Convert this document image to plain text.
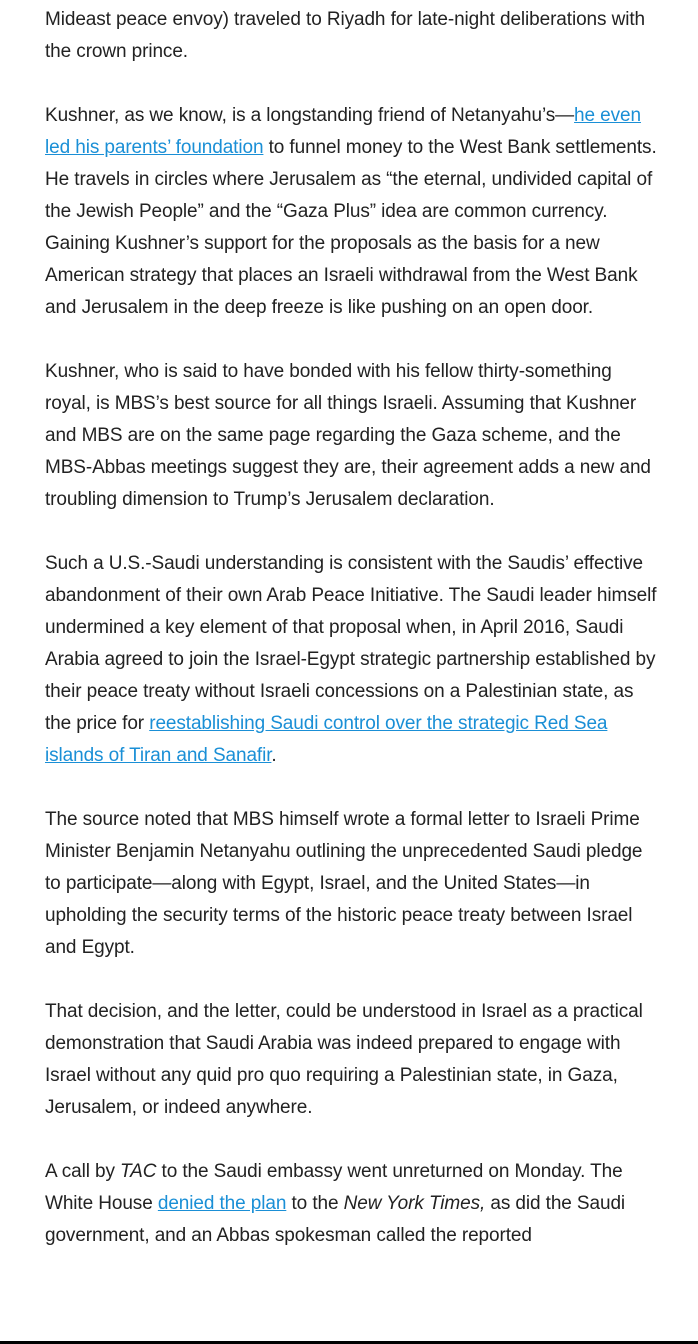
Mideast peace envoy) traveled to Riyadh for late-night deliberations with the crown prince.

Kushner, as we know, is a longstanding friend of Netanyahu’s—he even led his parents’ foundation to funnel money to the West Bank settlements. He travels in circles where Jerusalem as “the eternal, undivided capital of the Jewish People” and the “Gaza Plus” idea are common currency. Gaining Kushner’s support for the proposals as the basis for a new American strategy that places an Israeli withdrawal from the West Bank and Jerusalem in the deep freeze is like pushing on an open door.

Kushner, who is said to have bonded with his fellow thirty-something royal, is MBS’s best source for all things Israeli. Assuming that Kushner and MBS are on the same page regarding the Gaza scheme, and the MBS-Abbas meetings suggest they are, their agreement adds a new and troubling dimension to Trump’s Jerusalem declaration.

Such a U.S.-Saudi understanding is consistent with the Saudis’ effective abandonment of their own Arab Peace Initiative. The Saudi leader himself undermined a key element of that proposal when, in April 2016, Saudi Arabia agreed to join the Israel-Egypt strategic partnership established by their peace treaty without Israeli concessions on a Palestinian state, as the price for reestablishing Saudi control over the strategic Red Sea islands of Tiran and Sanafir.

The source noted that MBS himself wrote a formal letter to Israeli Prime Minister Benjamin Netanyahu outlining the unprecedented Saudi pledge to participate—along with Egypt, Israel, and the United States—in upholding the security terms of the historic peace treaty between Israel and Egypt.

That decision, and the letter, could be understood in Israel as a practical demonstration that Saudi Arabia was indeed prepared to engage with Israel without any quid pro quo requiring a Palestinian state, in Gaza, Jerusalem, or indeed anywhere.

A call by TAC to the Saudi embassy went unreturned on Monday. The White House denied the plan to the New York Times, as did the Saudi government, and an Abbas spokesman called the reported
